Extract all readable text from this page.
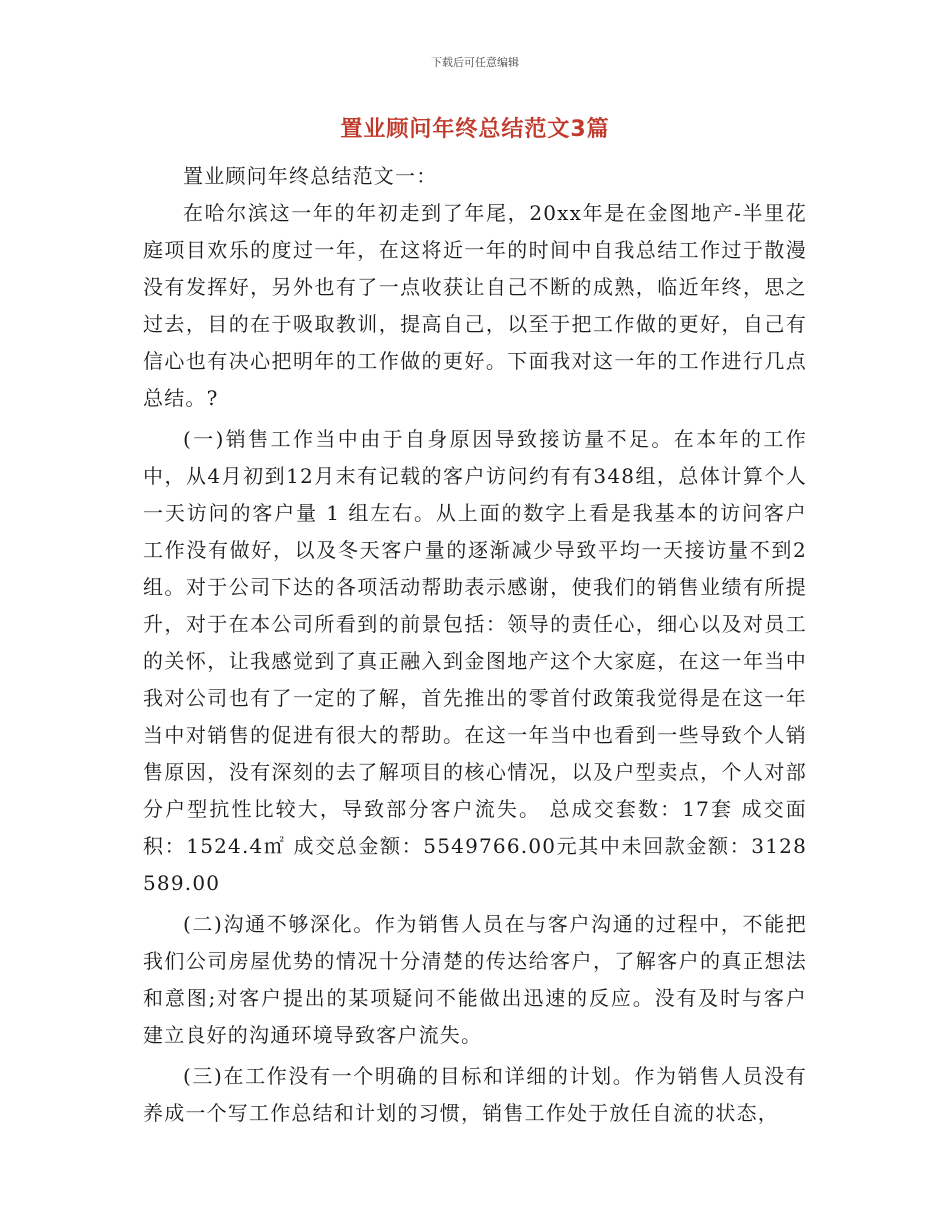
下载后可任意编辑
置业顾问年终总结范文3篇

置业顾问年终总结范文一：

在哈尔滨这一年的年初走到了年尾，20xx年是在金图地产-半里花庭项目欢乐的度过一年，在这将近一年的时间中自我总结工作过于散漫没有发挥好，另外也有了一点收获让自己不断的成熟，临近年终，思之过去，目的在于吸取教训，提高自己，以至于把工作做的更好，自己有信心也有决心把明年的工作做的更好。下面我对这一年的工作进行几点总结。?

(一)销售工作当中由于自身原因导致接访量不足。在本年的工作中，从4月初到12月末有记载的客户访问约有有348组，总体计算个人一天访问的客户量 1 组左右。从上面的数字上看是我基本的访问客户工作没有做好，以及冬天客户量的逐渐减少导致平均一天接访量不到2组。对于公司下达的各项活动帮助表示感谢，使我们的销售业绩有所提升，对于在本公司所看到的前景包括：领导的责任心，细心以及对员工的关怀，让我感觉到了真正融入到金图地产这个大家庭，在这一年当中我对公司也有了一定的了解，首先推出的零首付政策我觉得是在这一年当中对销售的促进有很大的帮助。在这一年当中也看到一些导致个人销售原因，没有深刻的去了解项目的核心情况，以及户型卖点，个人对部分户型抗性比较大，导致部分客户流失。 总成交套数：17套 成交面积：1524.4㎡ 成交总金额：5549766.00元其中未回款金额：3128589.00

(二)沟通不够深化。作为销售人员在与客户沟通的过程中，不能把我们公司房屋优势的情况十分清楚的传达给客户，了解客户的真正想法和意图;对客户提出的某项疑问不能做出迅速的反应。没有及时与客户建立良好的沟通环境导致客户流失。

(三)在工作没有一个明确的目标和详细的计划。作为销售人员没有养成一个写工作总结和计划的习惯，销售工作处于放任自流的状态，
